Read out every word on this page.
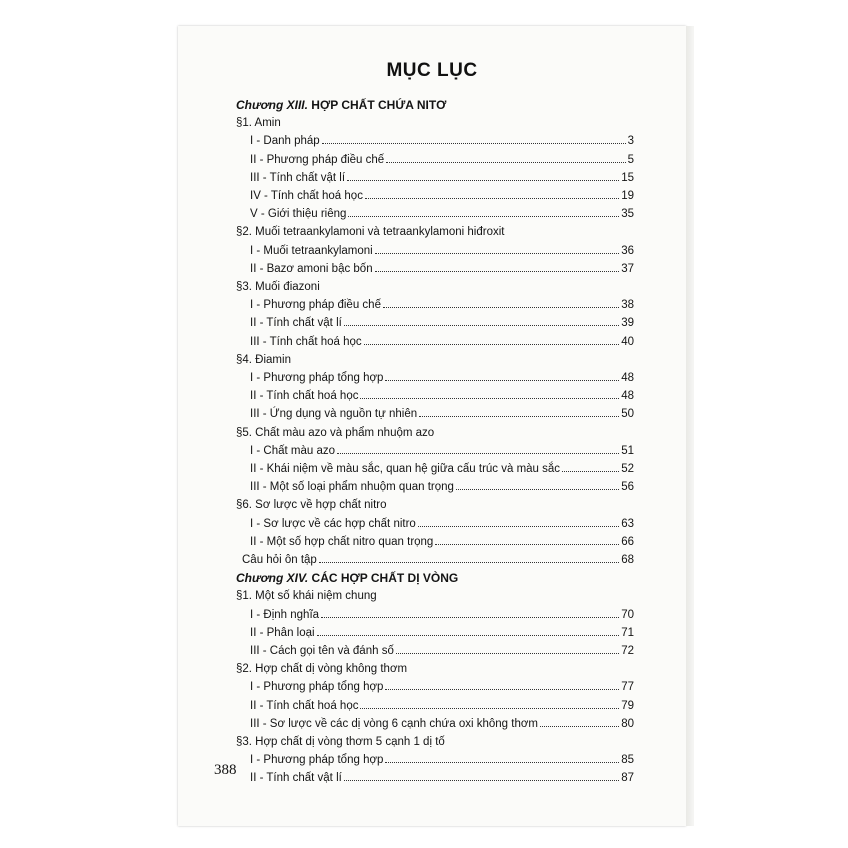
MỤC LỤC
Chương XIII.
HỢP CHẤT CHỨA NITƠ
§1. Amin
I - Danh pháp	3
II - Phương pháp điều chế	5
III - Tính chất vật lí	15
IV - Tính chất hoá học	19
V - Giới thiệu riêng	35
§2. Muối tetraankylamoni và tetraankylamoni hiđroxit
I - Muối tetraankylamoni	36
II - Bazơ amoni bậc bốn	37
§3. Muối điazoni
I - Phương pháp điều chế	38
II - Tính chất vật lí	39
III - Tính chất hoá học	40
§4. Điamin
I - Phương pháp tổng hợp	48
II - Tính chất hoá học	48
III - Ứng dụng và nguồn tự nhiên	50
§5. Chất màu azo và phẩm nhuộm azo
I - Chất màu azo	51
II - Khái niệm về màu sắc, quan hệ giữa cấu trúc và màu sắc	52
III - Một số loại phẩm nhuộm quan trọng	56
§6. Sơ lược về hợp chất nitro
I - Sơ lược về các hợp chất nitro	63
II - Một số hợp chất nitro quan trọng	66
Câu hỏi ôn tập	68
Chương XIV.
CÁC HỢP CHẤT DỊ VÒNG
§1. Một số khái niệm chung
I - Định nghĩa	70
II - Phân loại	71
III - Cách gọi tên và đánh số	72
§2. Hợp chất dị vòng không thơm
I - Phương pháp tổng hợp	77
II - Tính chất hoá học	79
III - Sơ lược về các dị vòng 6 cạnh chứa oxi không thơm	80
§3. Hợp chất dị vòng thơm 5 cạnh 1 dị tố
I - Phương pháp tổng hợp	85
II - Tính chất vật lí	87
388
